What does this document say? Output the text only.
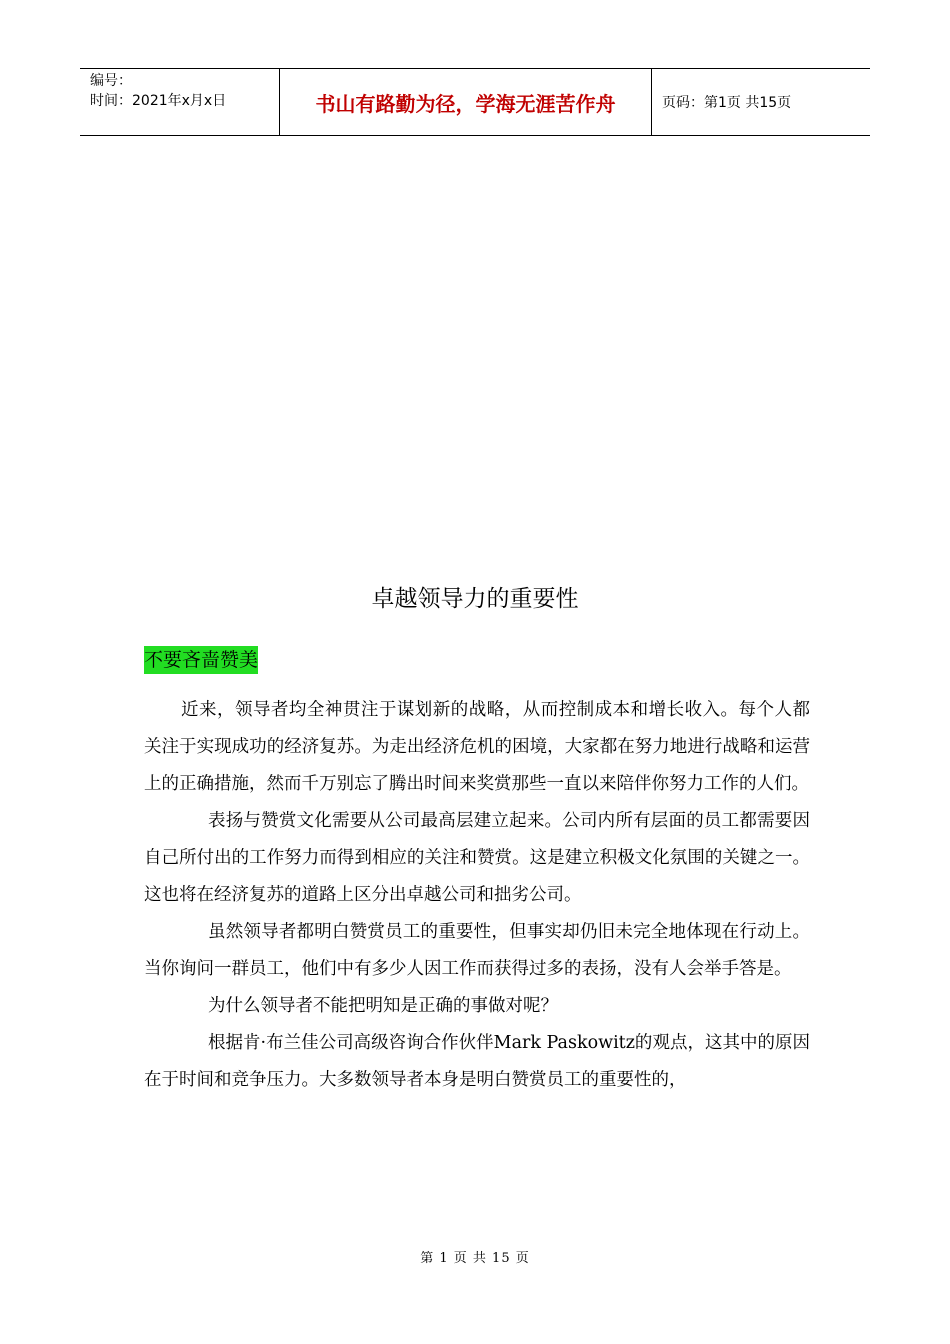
编号：
时间：2021年x月x日	书山有路勤为径，学海无涯苦作舟	页码：第1页 共15页
卓越领导力的重要性
不要吝啬赞美

近来，领导者均全神贯注于谋划新的战略，从而控制成本和增长收入。每个人都关注于实现成功的经济复苏。为走出经济危机的困境，大家都在努力地进行战略和运营上的正确措施，然而千万别忘了腾出时间来奖赏那些一直以来陪伴你努力工作的人们。

表扬与赞赏文化需要从公司最高层建立起来。公司内所有层面的员工都需要因自己所付出的工作努力而得到相应的关注和赞赏。这是建立积极文化氛围的关键之一。这也将在经济复苏的道路上区分出卓越公司和拙劣公司。

虽然领导者都明白赞赏员工的重要性，但事实却仍旧未完全地体现在行动上。当你询问一群员工，他们中有多少人因工作而获得过多的表扬，没有人会举手答是。

为什么领导者不能把明知是正确的事做对呢？

根据肯·布兰佳公司高级咨询合作伙伴Mark Paskowitz的观点，这其中的原因在于时间和竞争压力。大多数领导者本身是明白赞赏员工的重要性的，

第 1 页 共 15 页
